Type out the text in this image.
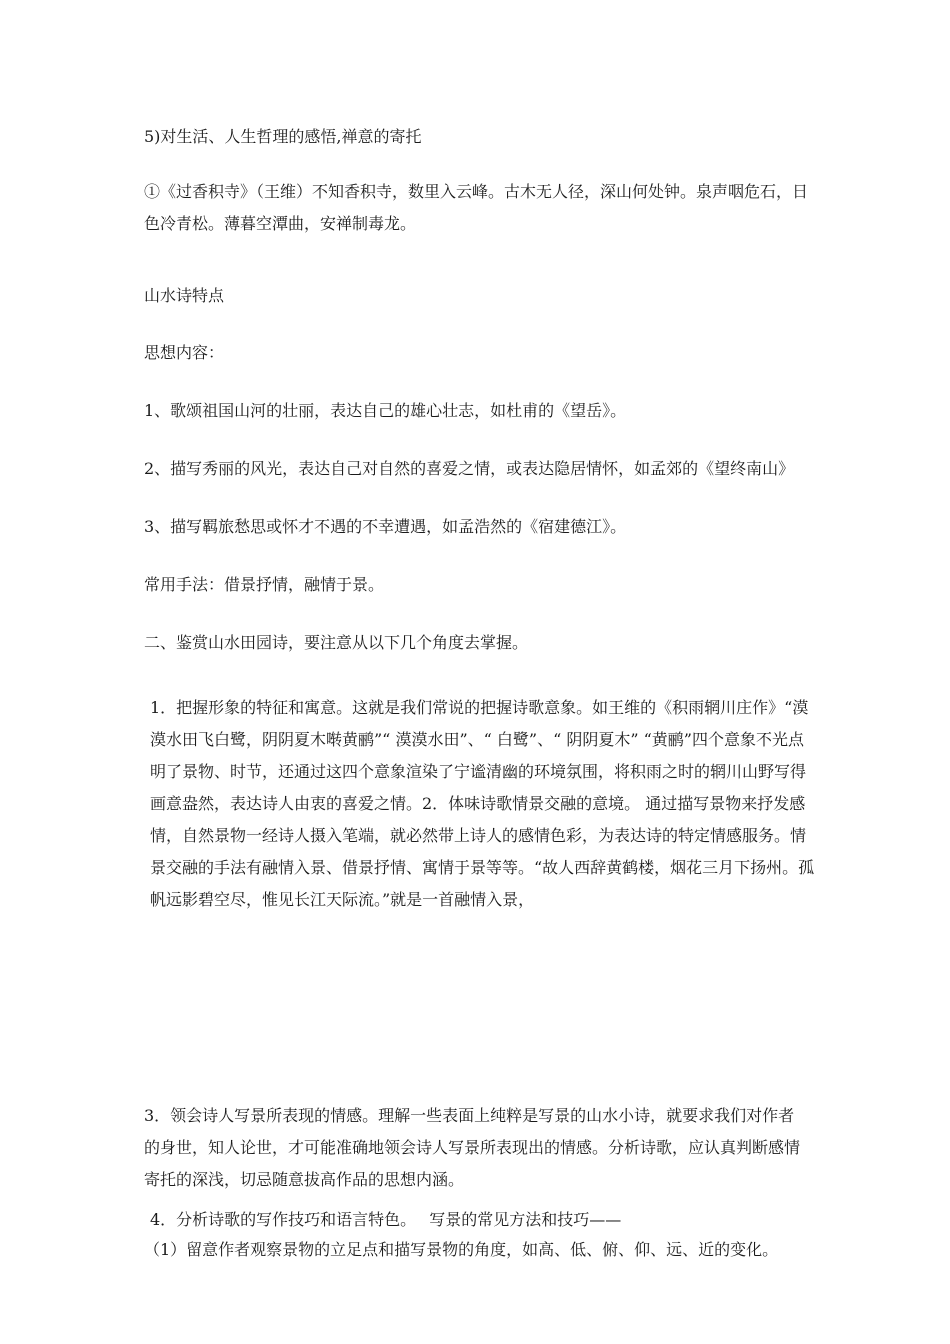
5)对生活、人生哲理的感悟,禅意的寄托

①《过香积寺》（王维）不知香积寺，数里入云峰。古木无人径，深山何处钟。泉声咽危石，日色冷青松。薄暮空潭曲，安禅制毒龙。

山水诗特点

思想内容：

1、歌颂祖国山河的壮丽，表达自己的雄心壮志，如杜甫的《望岳》。

2、描写秀丽的风光，表达自己对自然的喜爱之情，或表达隐居情怀，如孟郊的《望终南山》

3、描写羁旅愁思或怀才不遇的不幸遭遇，如孟浩然的《宿建德江》。

常用手法：借景抒情，融情于景。

二、鉴赏山水田园诗，要注意从以下几个角度去掌握。

1．把握形象的特征和寓意。这就是我们常说的把握诗歌意象。如王维的《积雨辋川庄作》“漠漠水田飞白鹭，阴阴夏木啭黄鹂”“ 漠漠水田”、“ 白鹭”、“ 阴阴夏木” “黄鹂”四个意象不光点明了景物、时节，还通过这四个意象渲染了宁谧清幽的环境氛围，将积雨之时的辋川山野写得画意盎然，表达诗人由衷的喜爱之情。2．体味诗歌情景交融的意境。 通过描写景物来抒发感情，自然景物一经诗人摄入笔端，就必然带上诗人的感情色彩，为表达诗的特定情感服务。情景交融的手法有融情入景、借景抒情、寓情于景等等。“故人西辞黄鹤楼，烟花三月下扬州。孤帆远影碧空尽，惟见长江天际流。”就是一首融情入景，

3．领会诗人写景所表现的情感。理解一些表面上纯粹是写景的山水小诗，就要求我们对作者的身世，知人论世，才可能准确地领会诗人写景所表现出的情感。分析诗歌，应认真判断感情寄托的深浅，切忌随意拔高作品的思想内涵。

4．分析诗歌的写作技巧和语言特色。　 写景的常见方法和技巧——

（1）留意作者观察景物的立足点和描写景物的角度，如高、低、俯、仰、远、近的变化。
